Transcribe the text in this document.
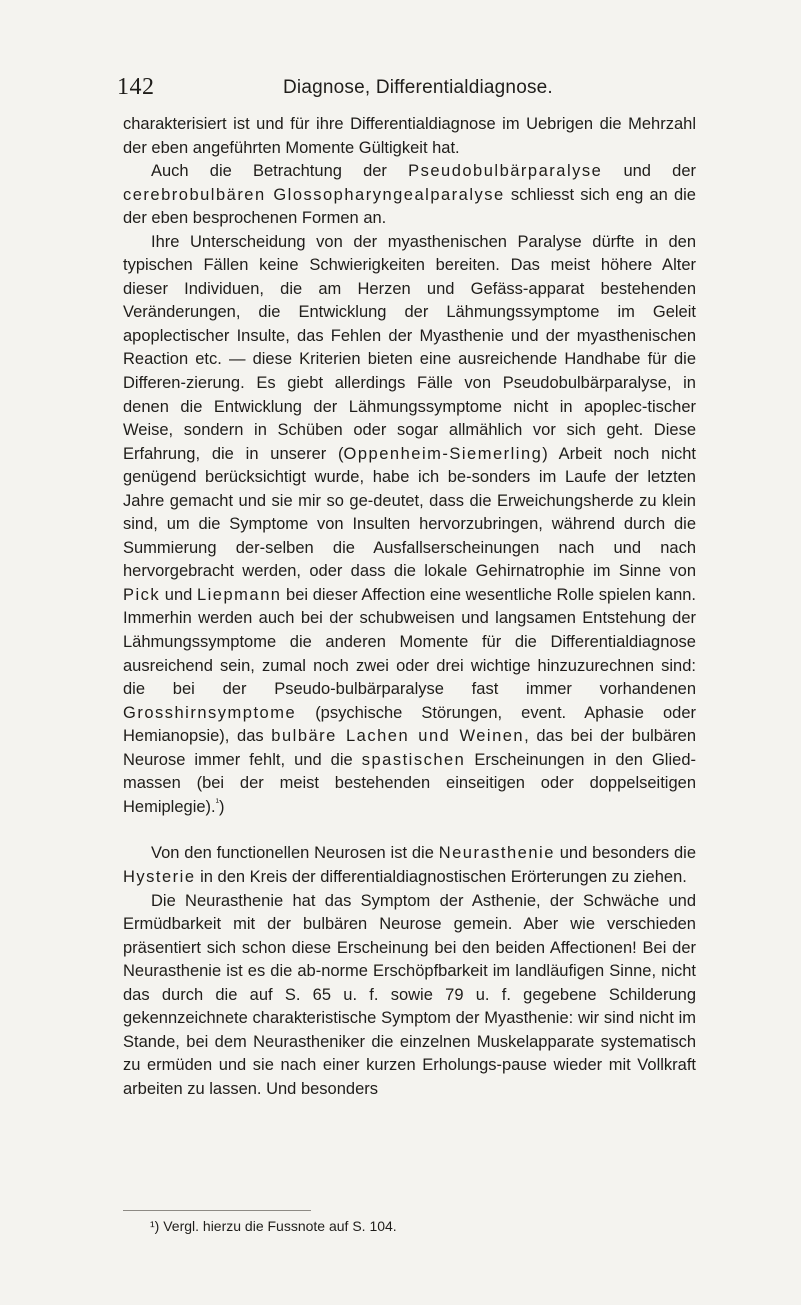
142	Diagnose, Differentialdiagnose.

charakterisiert ist und für ihre Differentialdiagnose im Uebrigen die Mehrzahl der eben angeführten Momente Gültigkeit hat.

Auch die Betrachtung der Pseudobulbärparalyse und der cerebrobulbären Glossopharyngealparalyse schliesst sich eng an die der eben besprochenen Formen an.

Ihre Unterscheidung von der myasthenischen Paralyse dürfte in den typischen Fällen keine Schwierigkeiten bereiten. Das meist höhere Alter dieser Individuen, die am Herzen und Gefäss-apparat bestehenden Veränderungen, die Entwicklung der Lähmungssymptome im Geleit apoplectischer Insulte, das Fehlen der Myasthenie und der myasthenischen Reaction etc. — diese Kriterien bieten eine ausreichende Handhabe für die Differen-zierung. Es giebt allerdings Fälle von Pseudobulbärparalyse, in denen die Entwicklung der Lähmungssymptome nicht in apoplec-tischer Weise, sondern in Schüben oder sogar allmählich vor sich geht. Diese Erfahrung, die in unserer (Oppenheim-Siemerling) Arbeit noch nicht genügend berücksichtigt wurde, habe ich be-sonders im Laufe der letzten Jahre gemacht und sie mir so ge-deutet, dass die Erweichungsherde zu klein sind, um die Symptome von Insulten hervorzubringen, während durch die Summierung der-selben die Ausfallserscheinungen nach und nach hervorgebracht werden, oder dass die lokale Gehirnatrophie im Sinne von Pick und Liepmann bei dieser Affection eine wesentliche Rolle spielen kann. Immerhin werden auch bei der schubweisen und langsamen Entstehung der Lähmungssymptome die anderen Momente für die Differentialdiagnose ausreichend sein, zumal noch zwei oder drei wichtige hinzuzurechnen sind: die bei der Pseudo-bulbärparalyse fast immer vorhandenen Grosshirnsymptome (psychische Störungen, event. Aphasie oder Hemianopsie), das bulbäre Lachen und Weinen, das bei der bulbären Neurose immer fehlt, und die spastischen Erscheinungen in den Glied-massen (bei der meist bestehenden einseitigen oder doppelseitigen Hemiplegie).$^{^1}$)

Von den functionellen Neurosen ist die Neurasthenie und besonders die Hysterie in den Kreis der differentialdiagnostischen Erörterungen zu ziehen.

Die Neurasthenie hat das Symptom der Asthenie, der Schwäche und Ermüdbarkeit mit der bulbären Neurose gemein. Aber wie verschieden präsentiert sich schon diese Erscheinung bei den beiden Affectionen! Bei der Neurasthenie ist es die ab-norme Erschöpfbarkeit im landläufigen Sinne, nicht das durch die auf S. 65 u. f. sowie 79 u. f. gegebene Schilderung gekennzeichnete charakteristische Symptom der Myasthenie: wir sind nicht im Stande, bei dem Neurastheniker die einzelnen Muskelapparate systematisch zu ermüden und sie nach einer kurzen Erholungs-pause wieder mit Vollkraft arbeiten zu lassen. Und besonders

¹) Vergl. hierzu die Fussnote auf S. 104.
